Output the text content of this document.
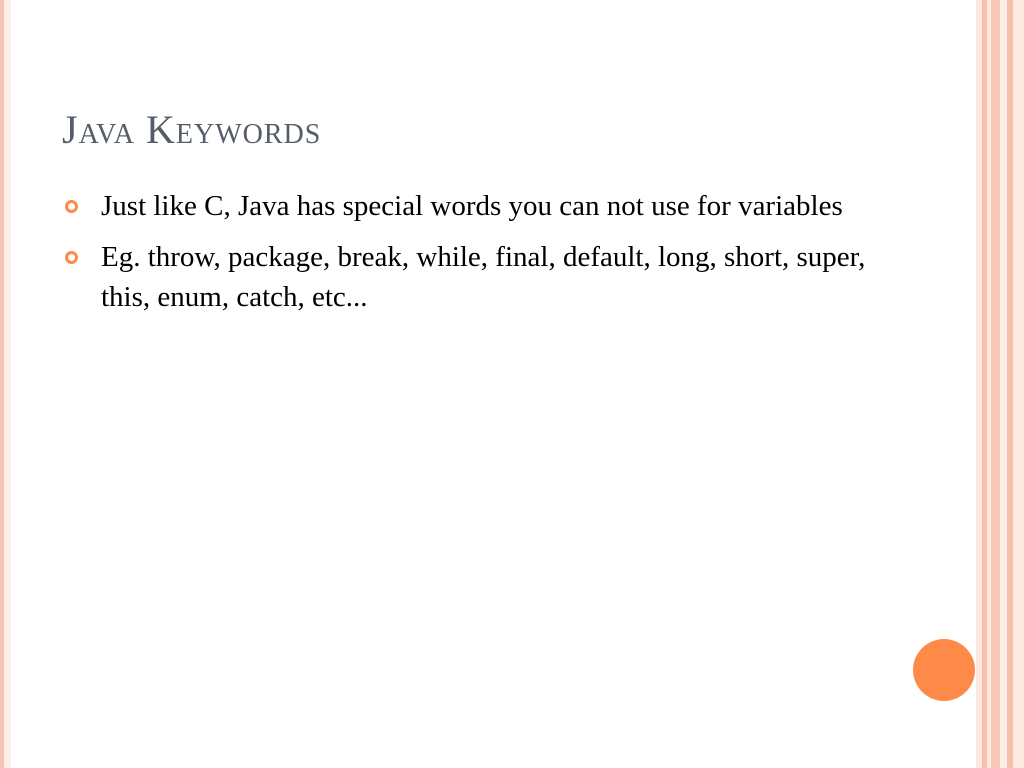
Java Keywords
Just like C, Java has special words you can not use for variables
Eg. throw, package, break, while, final, default, long, short, super, this, enum, catch, etc...
